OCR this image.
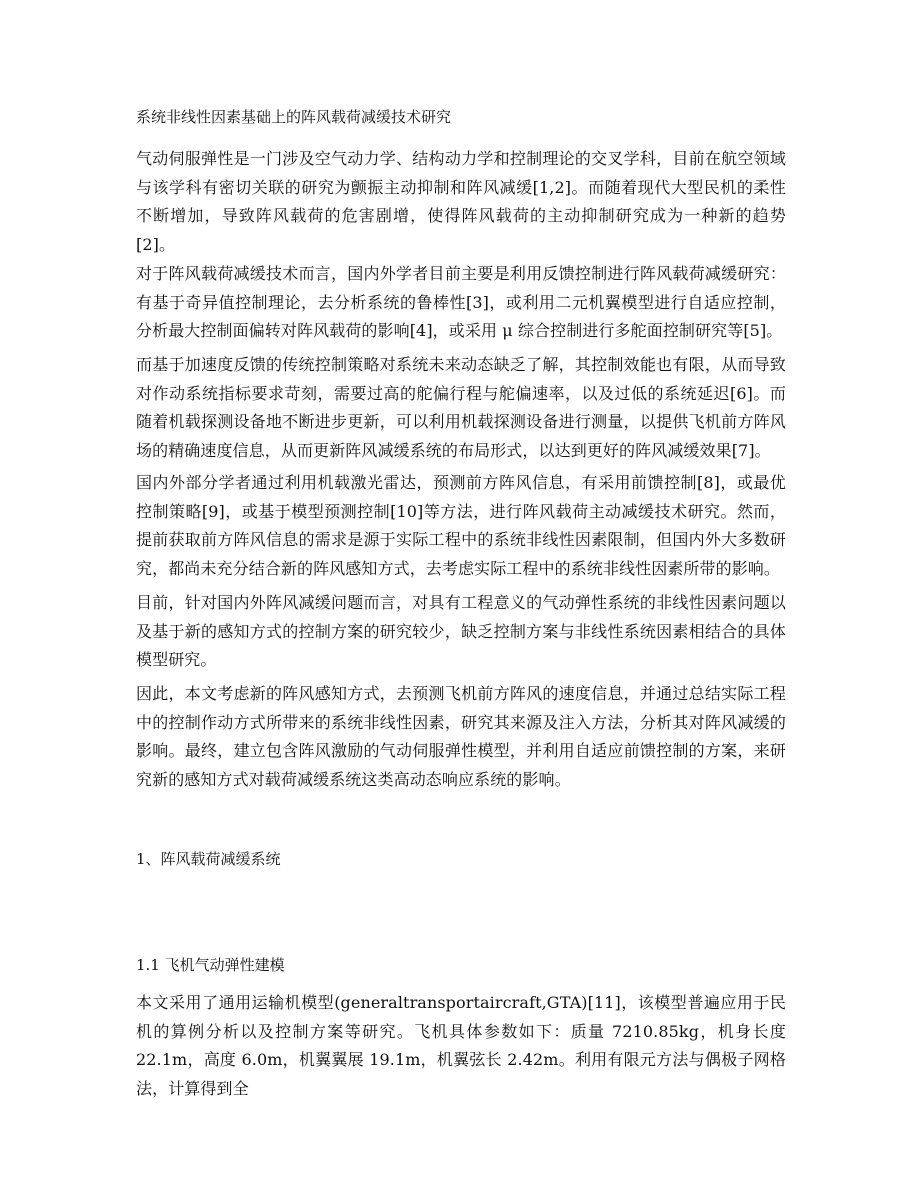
系统非线性因素基础上的阵风载荷减缓技术研究

气动伺服弹性是一门涉及空气动力学、结构动力学和控制理论的交叉学科，目前在航空领域与该学科有密切关联的研究为颤振主动抑制和阵风减缓[1,2]。而随着现代大型民机的柔性不断增加，导致阵风载荷的危害剧增，使得阵风载荷的主动抑制研究成为一种新的趋势[2]。

对于阵风载荷减缓技术而言，国内外学者目前主要是利用反馈控制进行阵风载荷减缓研究：有基于奇异值控制理论，去分析系统的鲁棒性[3]，或利用二元机翼模型进行自适应控制，分析最大控制面偏转对阵风载荷的影响[4]，或采用 μ 综合控制进行多舵面控制研究等[5]。

而基于加速度反馈的传统控制策略对系统未来动态缺乏了解，其控制效能也有限，从而导致对作动系统指标要求苛刻，需要过高的舵偏行程与舵偏速率，以及过低的系统延迟[6]。而随着机载探测设备地不断进步更新，可以利用机载探测设备进行测量，以提供飞机前方阵风场的精确速度信息，从而更新阵风减缓系统的布局形式，以达到更好的阵风减缓效果[7]。

国内外部分学者通过利用机载激光雷达，预测前方阵风信息，有采用前馈控制[8]，或最优控制策略[9]，或基于模型预测控制[10]等方法，进行阵风载荷主动减缓技术研究。然而，提前获取前方阵风信息的需求是源于实际工程中的系统非线性因素限制，但国内外大多数研究，都尚未充分结合新的阵风感知方式，去考虑实际工程中的系统非线性因素所带的影响。

目前，针对国内外阵风减缓问题而言，对具有工程意义的气动弹性系统的非线性因素问题以及基于新的感知方式的控制方案的研究较少，缺乏控制方案与非线性系统因素相结合的具体模型研究。

因此，本文考虑新的阵风感知方式，去预测飞机前方阵风的速度信息，并通过总结实际工程中的控制作动方式所带来的系统非线性因素，研究其来源及注入方法，分析其对阵风减缓的影响。最终，建立包含阵风激励的气动伺服弹性模型，并利用自适应前馈控制的方案，来研究新的感知方式对载荷减缓系统这类高动态响应系统的影响。

1、阵风载荷减缓系统
1.1 飞机气动弹性建模

本文采用了通用运输机模型(generaltransportaircraft,GTA)[11]，该模型普遍应用于民机的算例分析以及控制方案等研究。飞机具体参数如下：质量 7210.85kg，机身长度 22.1m，高度 6.0m，机翼翼展 19.1m，机翼弦长 2.42m。利用有限元方法与偶极子网格法，计算得到全
